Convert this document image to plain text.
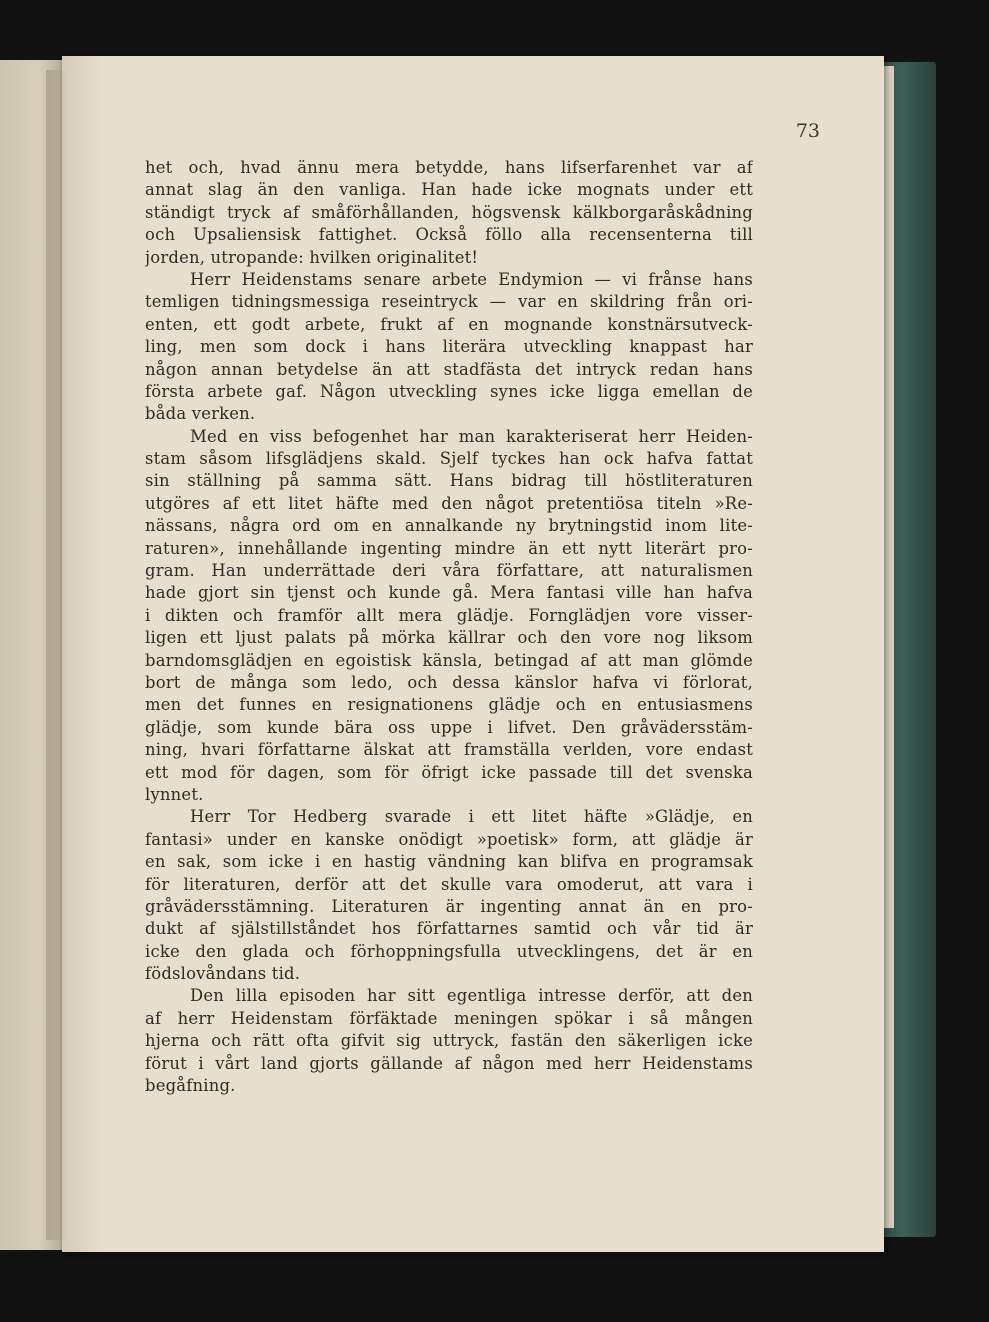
73

het och, hvad ännu mera betydde, hans lifserfarenhet var af
annat slag än den vanliga. Han hade icke mognats under ett
ständigt tryck af småförhållanden, högsvensk kälkborgaråskådning
och Upsaliensisk fattighet. Också föllo alla recensenterna till
jorden, utropande: hvilken originalitet!
Herr Heidenstams senare arbete Endymion — vi frånse hans
temligen tidningsmessiga reseintryck — var en skildring från ori-
enten, ett godt arbete, frukt af en mognande konstnärsutveck-
ling, men som dock i hans literära utveckling knappast har
någon annan betydelse än att stadfästa det intryck redan hans
första arbete gaf. Någon utveckling synes icke ligga emellan de
båda verken.
Med en viss befogenhet har man karakteriserat herr Heiden-
stam såsom lifsglädjens skald. Sjelf tyckes han ock hafva fattat
sin ställning på samma sätt. Hans bidrag till höstliteraturen
utgöres af ett litet häfte med den något pretentiösa titeln »Re-
nässans, några ord om en annalkande ny brytningstid inom lite-
raturen», innehållande ingenting mindre än ett nytt literärt pro-
gram. Han underrättade deri våra författare, att naturalismen
hade gjort sin tjenst och kunde gå. Mera fantasi ville han hafva
i dikten och framför allt mera glädje. Fornglädjen vore visser-
ligen ett ljust palats på mörka källrar och den vore nog liksom
barndomsglädjen en egoistisk känsla, betingad af att man glömde
bort de många som ledo, och dessa känslor hafva vi förlorat,
men det funnes en resignationens glädje och en entusiasmens
glädje, som kunde bära oss uppe i lifvet. Den gråvädersstäm-
ning, hvari författarne älskat att framställa verlden, vore endast
ett mod för dagen, som för öfrigt icke passade till det svenska
lynnet.
Herr Tor Hedberg svarade i ett litet häfte »Glädje, en
fantasi» under en kanske onödigt »poetisk» form, att glädje är
en sak, som icke i en hastig vändning kan blifva en programsak
för literaturen, derför att det skulle vara omoderut, att vara i
gråvädersstämning. Literaturen är ingenting annat än en pro-
dukt af själstillståndet hos författarnes samtid och vår tid är
icke den glada och förhoppningsfulla utvecklingens, det är en
födslovåndans tid.
Den lilla episoden har sitt egentliga intresse derför, att den
af herr Heidenstam förfäktade meningen spökar i så mången
hjerna och rätt ofta gifvit sig uttryck, fastän den säkerligen icke
förut i vårt land gjorts gällande af någon med herr Heidenstams
begåfning.
